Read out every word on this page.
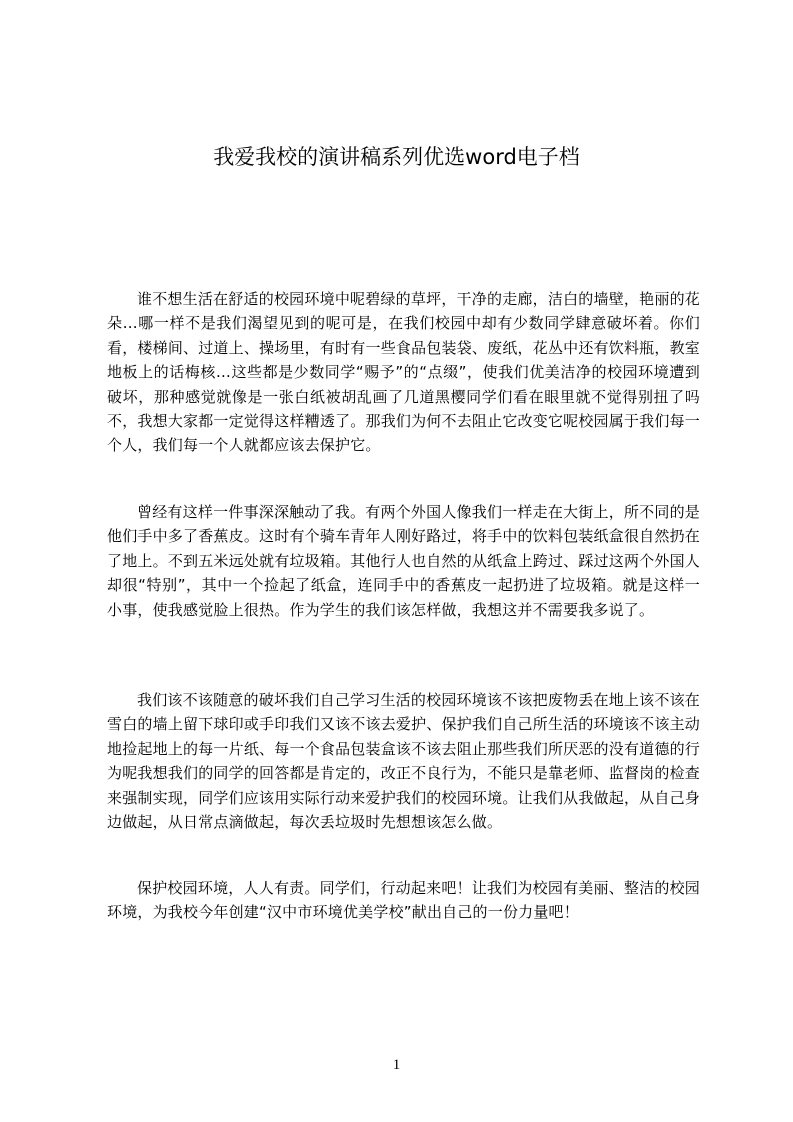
我爱我校的演讲稿系列优选word电子档

谁不想生活在舒适的校园环境中呢碧绿的草坪，干净的走廊，洁白的墙壁，艳丽的花朵…哪一样不是我们渴望见到的呢可是，在我们校园中却有少数同学肆意破坏着。你们看，楼梯间、过道上、操场里，有时有一些食品包装袋、废纸，花丛中还有饮料瓶，教室地板上的话梅核…这些都是少数同学“赐予”的“点缀”，使我们优美洁净的校园环境遭到破坏，那种感觉就像是一张白纸被胡乱画了几道黑樱同学们看在眼里就不觉得别扭了吗不，我想大家都一定觉得这样糟透了。那我们为何不去阻止它改变它呢校园属于我们每一个人，我们每一个人就都应该去保护它。

曾经有这样一件事深深触动了我。有两个外国人像我们一样走在大街上，所不同的是他们手中多了香蕉皮。这时有个骑车青年人刚好路过，将手中的饮料包装纸盒很自然扔在了地上。不到五米远处就有垃圾箱。其他行人也自然的从纸盒上跨过、踩过这两个外国人却很“特别”，其中一个捡起了纸盒，连同手中的香蕉皮一起扔进了垃圾箱。就是这样一小事，使我感觉脸上很热。作为学生的我们该怎样做，我想这并不需要我多说了。

我们该不该随意的破坏我们自己学习生活的校园环境该不该把废物丢在地上该不该在雪白的墙上留下球印或手印我们又该不该去爱护、保护我们自己所生活的环境该不该主动地捡起地上的每一片纸、每一个食品包装盒该不该去阻止那些我们所厌恶的没有道德的行为呢我想我们的同学的回答都是肯定的，改正不良行为，不能只是靠老师、监督岗的检查来强制实现，同学们应该用实际行动来爱护我们的校园环境。让我们从我做起，从自己身边做起，从日常点滴做起，每次丢垃圾时先想想该怎么做。

保护校园环境，人人有责。同学们，行动起来吧！让我们为校园有美丽、整洁的校园环境，为我校今年创建“汉中市环境优美学校”献出自己的一份力量吧！

1
